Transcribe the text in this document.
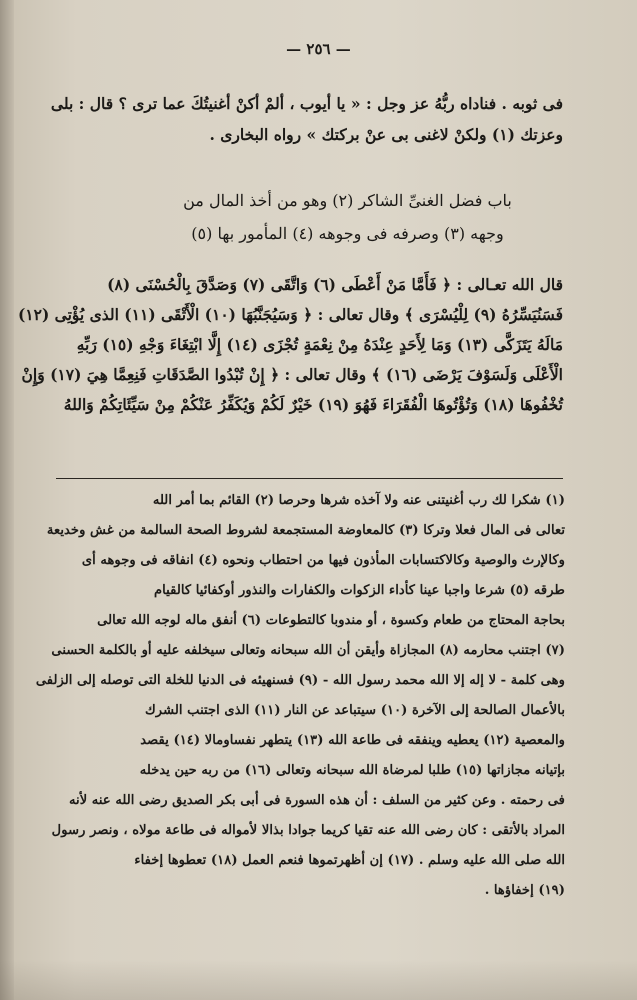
— ٢٥٦ —
فى ثوبه . فناداه ربُّهُ عز وجل : « يا أيوب ، ألمْ أكنْ أغنيتُكَ عما ترى ؟ قال : بلى
وعزتك (١) ولكنْ لاغنى بى عنْ بركتك » رواه البخارى .
باب فضل الغنىِّ الشاكر (٢) وهو من أخذ المال من
وجهه (٣) وصرفه فى وجوهه (٤) المأمور بها (٥)
قال الله تعـالى : ﴿ فَأَمَّا مَنْ أَعْطَى (٦) وَاتَّقَى (٧) وَصَدَّقَ بِالْحُسْنَى (٨)
فَسَنُيَسِّرُهُ (٩) لِلْيُسْرَى ﴾ وقال تعالى : ﴿ وَسَيُجَنَّبُهَا (١٠) الْأَتْقَى (١١) الذى يُؤْتِى (١٢)
مَالَهُ يَتَزَكَّى (١٣) وَمَا لِأَحَدٍ عِنْدَهُ مِنْ نِعْمَةٍ تُجْزَى (١٤) إِلَّا ابْتِغَاءَ وَجْهِ (١٥) رَبِّهِ
الْأَعْلَى وَلَسَوْفَ يَرْضَى (١٦) ﴾ وقال تعالى : ﴿ إِنْ تُبْدُوا الصَّدَقَاتِ فَنِعِمَّا هِيَ (١٧) وَإِنْ
تُخْفُوهَا (١٨) وَتُؤْتُوهَا الْفُقَرَاءَ فَهُوَ (١٩) خَيْرٌ لَكُمْ وَيُكَفِّرُ عَنْكُمْ مِنْ سَيِّئَاتِكُمْ وَاللهُ
(١) شكرا لك رب أغنيتنى عنه ولا آخذه شرها وحرصا (٢) القائم بما أمر الله
تعالى فى المال فعلا وتركا (٣) كالمعاوضة المستجمعة لشروط الصحة السالمة من غش وخديعة
وكالإرث والوصية وكالاكتسابات المأذون فيها من احتطاب ونحوه (٤) انفاقه فى وجوهه أى
طرقه (٥) شرعا واجبا عينا كأداء الزكوات والكفارات والنذور أوكفائيا كالقيام
بحاجة المحتاج من طعام وكسوة ، أو مندوبا كالتطوعات (٦) أنفق ماله لوجه الله تعالى
(٧) اجتنب محارمه (٨) المجازاة وأيقن أن الله سبحانه وتعالى سيخلفه عليه أو بالكلمة الحسنى
وهى كلمة - لا إله إلا الله محمد رسول الله - (٩) فسنهيئه فى الدنيا للخلة التى توصله إلى الزلفى
بالأعمال الصالحة إلى الآخرة (١٠) سيتباعد عن النار (١١) الذى اجتنب الشرك
والمعصية (١٢) يعطيه وينفقه فى طاعة الله (١٣) يتطهر نفساومالا (١٤) يقصد
بإتيانه مجازاتها (١٥) طلبا لمرضاة الله سبحانه وتعالى (١٦) من ربه حين يدخله
فى رحمته . وعن كثير من السلف : أن هذه السورة فى أبى بكر الصديق رضى الله عنه لأنه
المراد بالأتقى : كان رضى الله عنه تقيا كريما جوادا بذالا لأمواله فى طاعة مولاه ، ونصر رسول
الله صلى الله عليه وسلم . (١٧) إن أظهرتموها فنعم العمل (١٨) تعطوها إخفاء
(١٩) إخفاؤها .
